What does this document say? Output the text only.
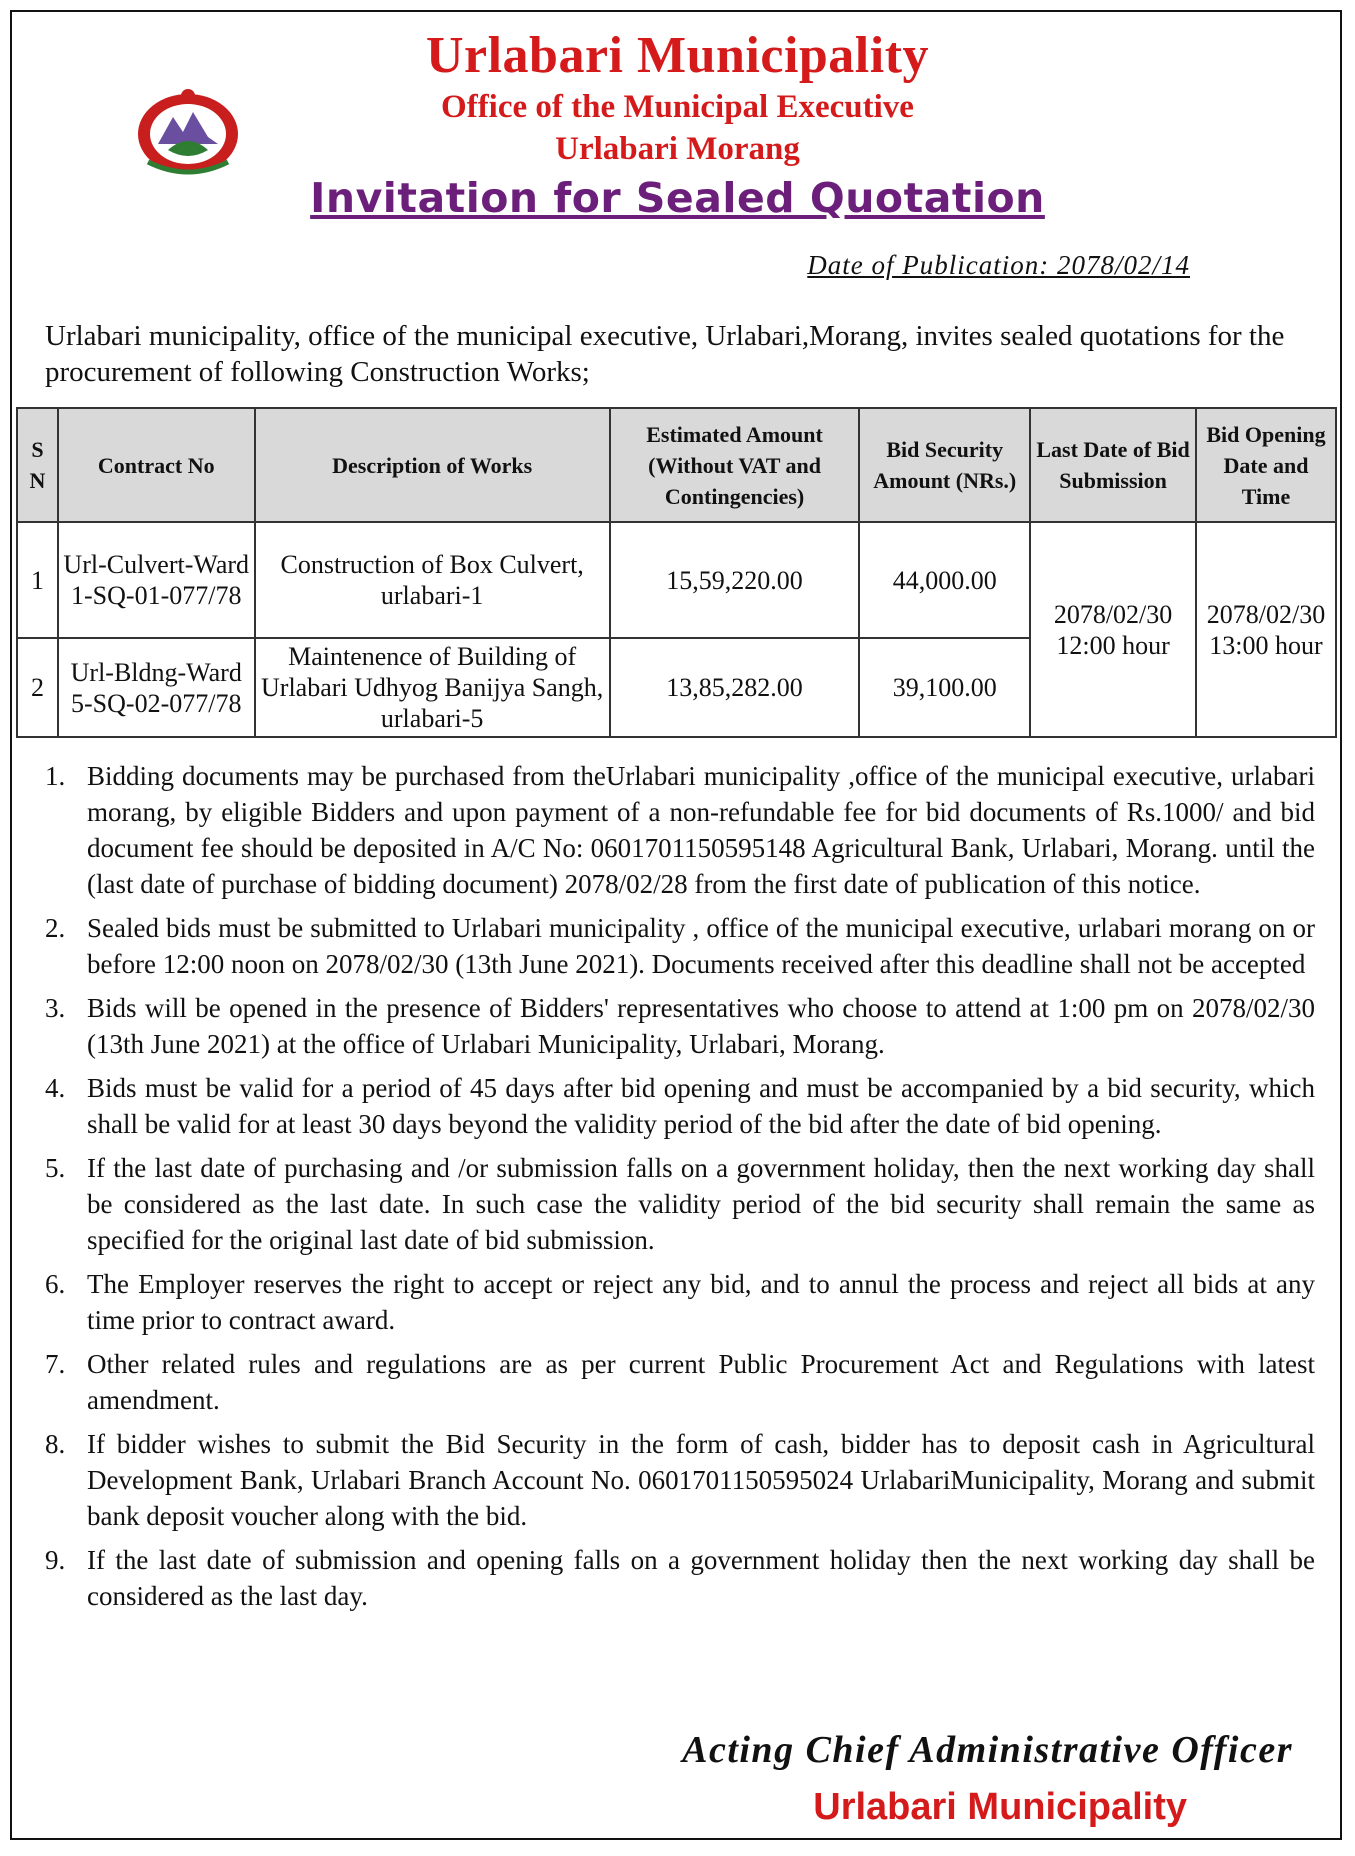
Urlabari Municipality
Office of the Municipal Executive
Urlabari Morang
Invitation for Sealed Quotation
Date of Publication: 2078/02/14
Urlabari municipality, office of the municipal executive, Urlabari,Morang, invites sealed quotations for the procurement of following Construction Works;
S N	Contract No	Description of Works	Estimated Amount (Without VAT and Contingencies)	Bid Security Amount (NRs.)	Last Date of Bid Submission	Bid Opening Date and Time
1	Url-Culvert-Ward 1-SQ-01-077/78	Construction of Box Culvert, urlabari-1	15,59,220.00	44,000.00	2078/02/30 12:00 hour	2078/02/30 13:00 hour
2	Url-Bldng-Ward 5-SQ-02-077/78	Maintenence of Building of Urlabari Udhyog Banijya Sangh, urlabari-5	13,85,282.00	39,100.00		
1. Bidding documents may be purchased from theUrlabari municipality ,office of the municipal executive, urlabari morang, by eligible Bidders and upon payment of a non-refundable fee for bid documents of Rs.1000/ and bid document fee should be deposited in A/C No: 0601701150595148 Agricultural Bank, Urlabari, Morang. until the (last date of purchase of bidding document) 2078/02/28 from the first date of publication of this notice.
2. Sealed bids must be submitted to Urlabari municipality , office of the municipal executive, urlabari morang on or before 12:00 noon on 2078/02/30 (13th June 2021). Documents received after this deadline shall not be accepted
3. Bids will be opened in the presence of Bidders' representatives who choose to attend at 1:00 pm on 2078/02/30 (13th June 2021) at the office of Urlabari Municipality, Urlabari, Morang.
4. Bids must be valid for a period of 45 days after bid opening and must be accompanied by a bid security, which shall be valid for at least 30 days beyond the validity period of the bid after the date of bid opening.
5. If the last date of purchasing and /or submission falls on a government holiday, then the next working day shall be considered as the last date. In such case the validity period of the bid security shall remain the same as specified for the original last date of bid submission.
6. The Employer reserves the right to accept or reject any bid, and to annul the process and reject all bids at any time prior to contract award.
7. Other related rules and regulations are as per current Public Procurement Act and Regulations with latest amendment.
8. If bidder wishes to submit the Bid Security in the form of cash, bidder has to deposit cash in Agricultural Development Bank, Urlabari Branch Account No. 0601701150595024 UrlabariMunicipality, Morang and submit bank deposit voucher along with the bid.
9. If the last date of submission and opening falls on a government holiday then the next working day shall be considered as the last day.
Acting Chief Administrative Officer
Urlabari Municipality
